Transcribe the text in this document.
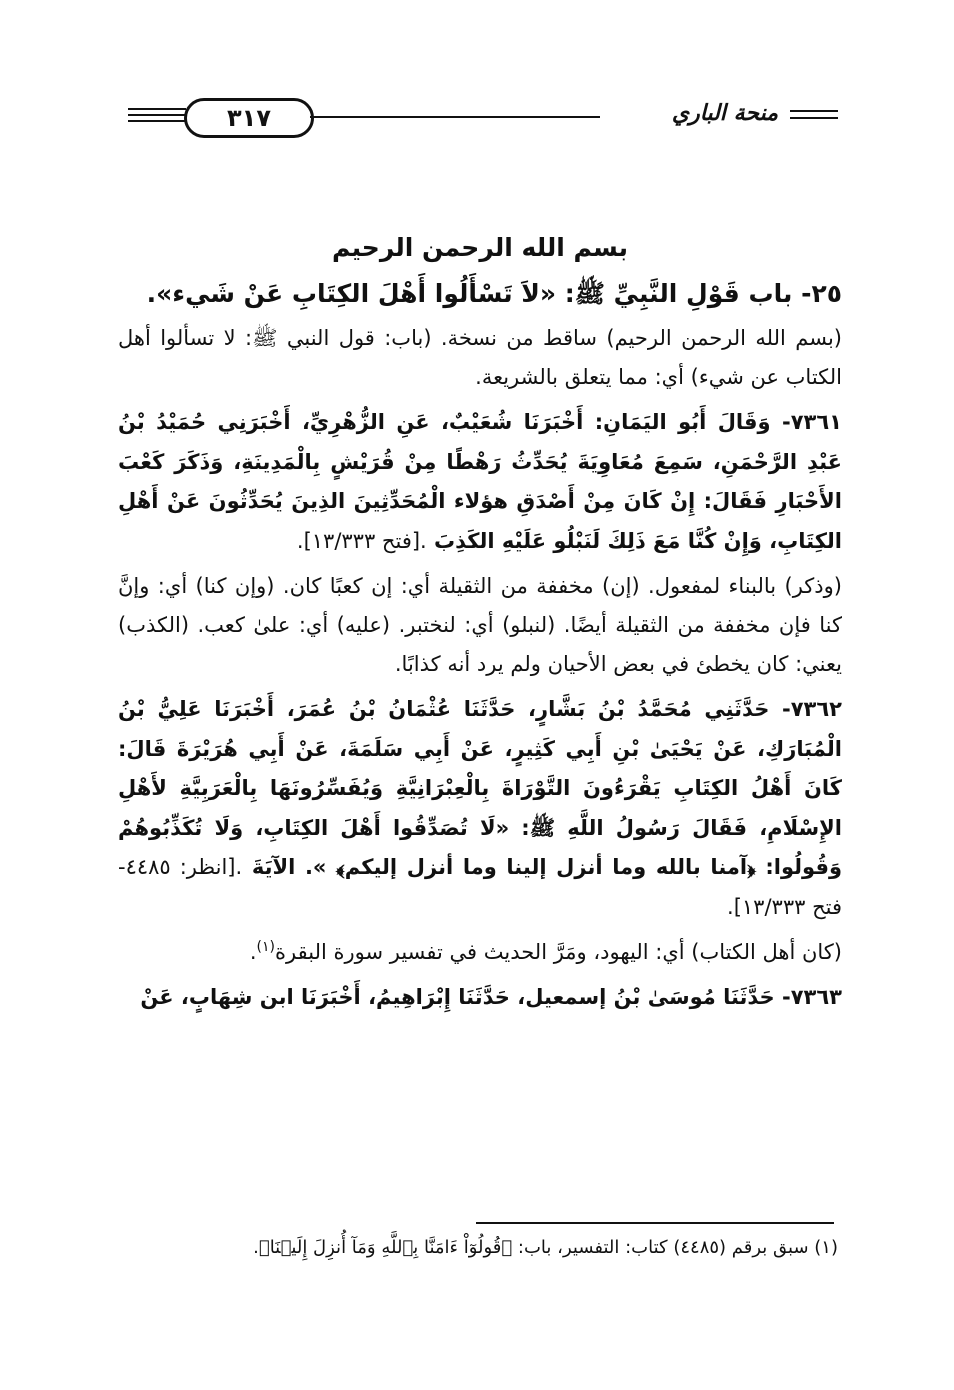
٣١٧	منحة الباري

بسم الله الرحمن الرحيم

٢٥- باب قَوْلِ النَّبِيِّ ﷺ: «لاَ تَسْأَلُوا أَهْلَ الكِتَابِ عَنْ شَيء».

(بسم الله الرحمن الرحيم) ساقط من نسخة. (باب: قول النبي ﷺ: لا تسألوا أهل الكتاب عن شيء) أي: مما يتعلق بالشريعة.

٧٣٦١- وَقَالَ أَبُو اليَمَانِ: أَخْبَرَنَا شُعَيْبٌ، عَنِ الزُّهْرِيِّ، أَخْبَرَنِي حُمَيْدُ بْنُ عَبْدِ الرَّحْمَنِ، سَمِعَ مُعَاوِيَةَ يُحَدِّثُ رَهْطًا مِنْ قُرَيْشٍ بِالْمَدِينَةِ، وَذَكَرَ كَعْبَ الأَحْبَارِ فَقَالَ: إِنْ كَانَ مِنْ أَصْدَقِ هؤلاء الْمُحَدِّثِينَ الذِينَ يُحَدِّثُونَ عَنْ أَهْلِ الكِتَابِ، وَإِنْ كُنَّا مَعَ ذَلِكَ لَنَبْلُو عَلَيْهِ الكَذِبَ .[فتح ١٣/٣٣٣].

(وذكر) بالبناء لمفعول. (إن) مخففة من الثقيلة أي: إن كعبًا كان. (وإن كنا) أي: وإنَّ كنا فإن مخففة من الثقيلة أيضًا. (لنبلو) أي: لنختبر. (عليه) أي: علىٰ كعب. (الكذب) يعني: كان يخطئ في بعض الأحيان ولم يرد أنه كذابًا.

٧٣٦٢- حَدَّثَنِي مُحَمَّدُ بْنُ بَشَّارٍ، حَدَّثَنَا عُثْمَانُ بْنُ عُمَرَ، أَخْبَرَنَا عَلِيُّ بْنُ الْمُبَارَكِ، عَنْ يَحْيَىٰ بْنِ أَبِي كَثِيرٍ، عَنْ أَبِي سَلَمَةَ، عَنْ أَبِي هُرَيْرَةَ قَالَ: كَانَ أَهْلُ الكِتَابِ يَقْرَءُونَ التَّوْرَاةَ بِالْعِبْرَانِيَّةِ وَيُفَسِّرُونَهَا بِالْعَرَبِيَّةِ لأَهْلِ الإِسْلَامِ، فَقَالَ رَسُولُ اللَّهِ ﷺ: «لَا تُصَدِّقُوا أَهْلَ الكِتَابِ، وَلَا تُكَذِّبُوهُمْ وَقُولُوا: ﴿آمنا بالله وما أنزل إلينا وما أنزل إليكم﴾ ». الآيَةَ .[انظر: ٤٤٨٥- فتح ١٣/٣٣٣].

(كان أهل الكتاب) أي: اليهود، ومَرَّ الحديث في تفسير سورة البقرة$^{(١)}$.

٧٣٦٣- حَدَّثَنَا مُوسَىٰ بْنُ إسمعيل، حَدَّثَنَا إِبْرَاهِيمُ، أَخْبَرَنَا ابن شِهَابٍ، عَنْ

(١) سبق برقم (٤٤٨٥) كتاب: التفسير، باب: ﴿قُولُوٓاْ ءَامَنَّا بِٱللَّهِ وَمَآ أُنزِلَ إِلَيۡنَا﴾.
